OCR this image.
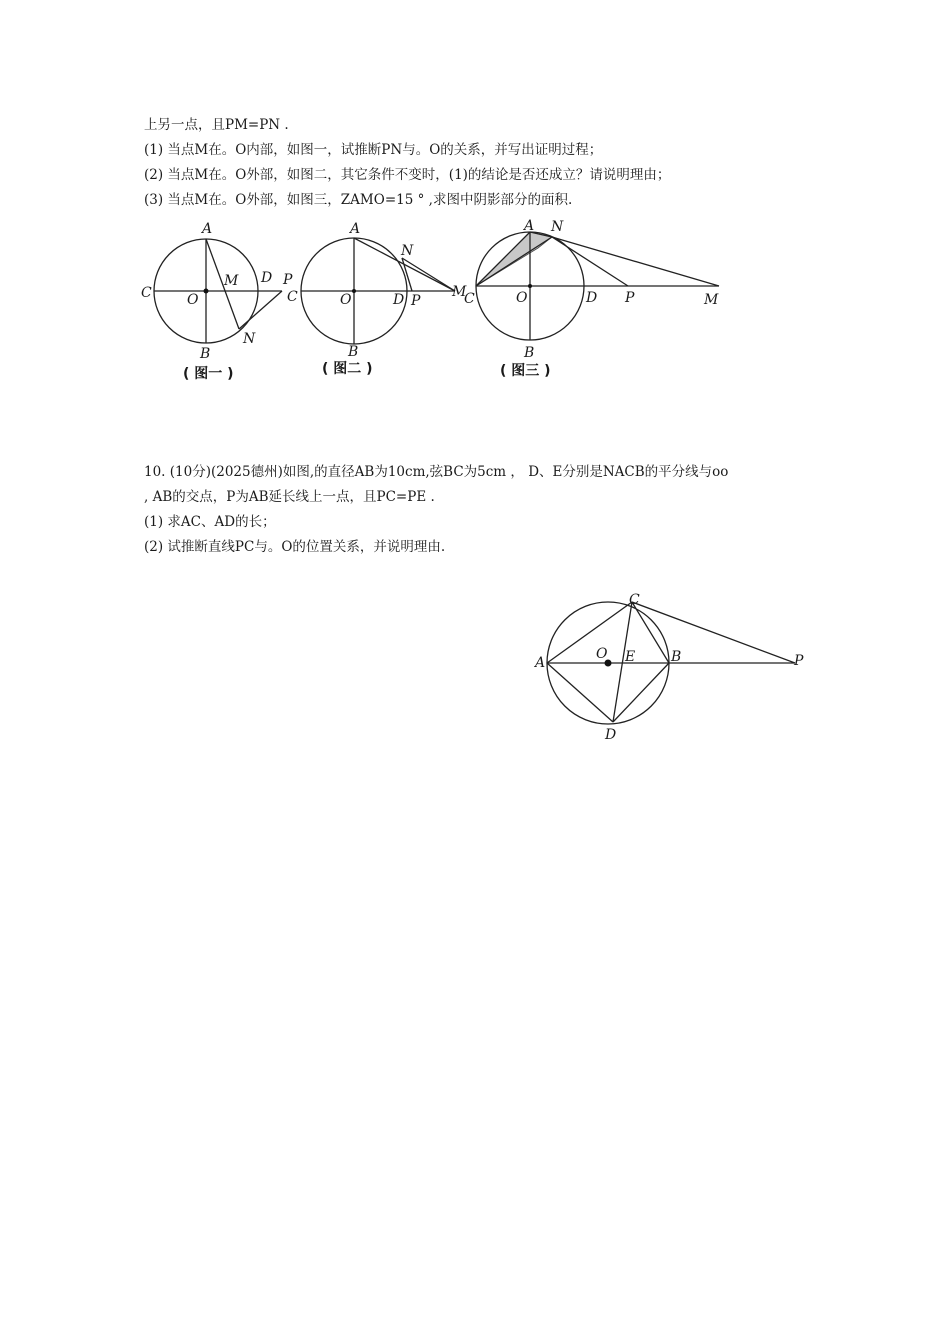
上另一点，且PM=PN .

(1) 当点M在。O内部，如图一，试推断PN与。O的关系，并写出证明过程；

(2) 当点M在。O外部，如图二，其它条件不变时，(1)的结论是否还成立？请说明理由；

(3) 当点M在。O外部，如图三，ZAMO=15 ° ,求图中阴影部分的面积.

A
B
C	O
M D P
N
( 图一 )
A
B
C	O	D P
N
M
( 图二 )
A N
B
C	O	D P	M
( 图三 )

10. (10分)(2025德州)如图,的直径AB为10cm,弦BC为5cm ， D、E分别是NACB的平分线与oo

, AB的交点，P为AB延长线上一点，且PC=PE .

(1) 求AC、AD的长；

(2) 试推断直线PC与。O的位置关系，并说明理由.

A
C
O E	B	P
D
